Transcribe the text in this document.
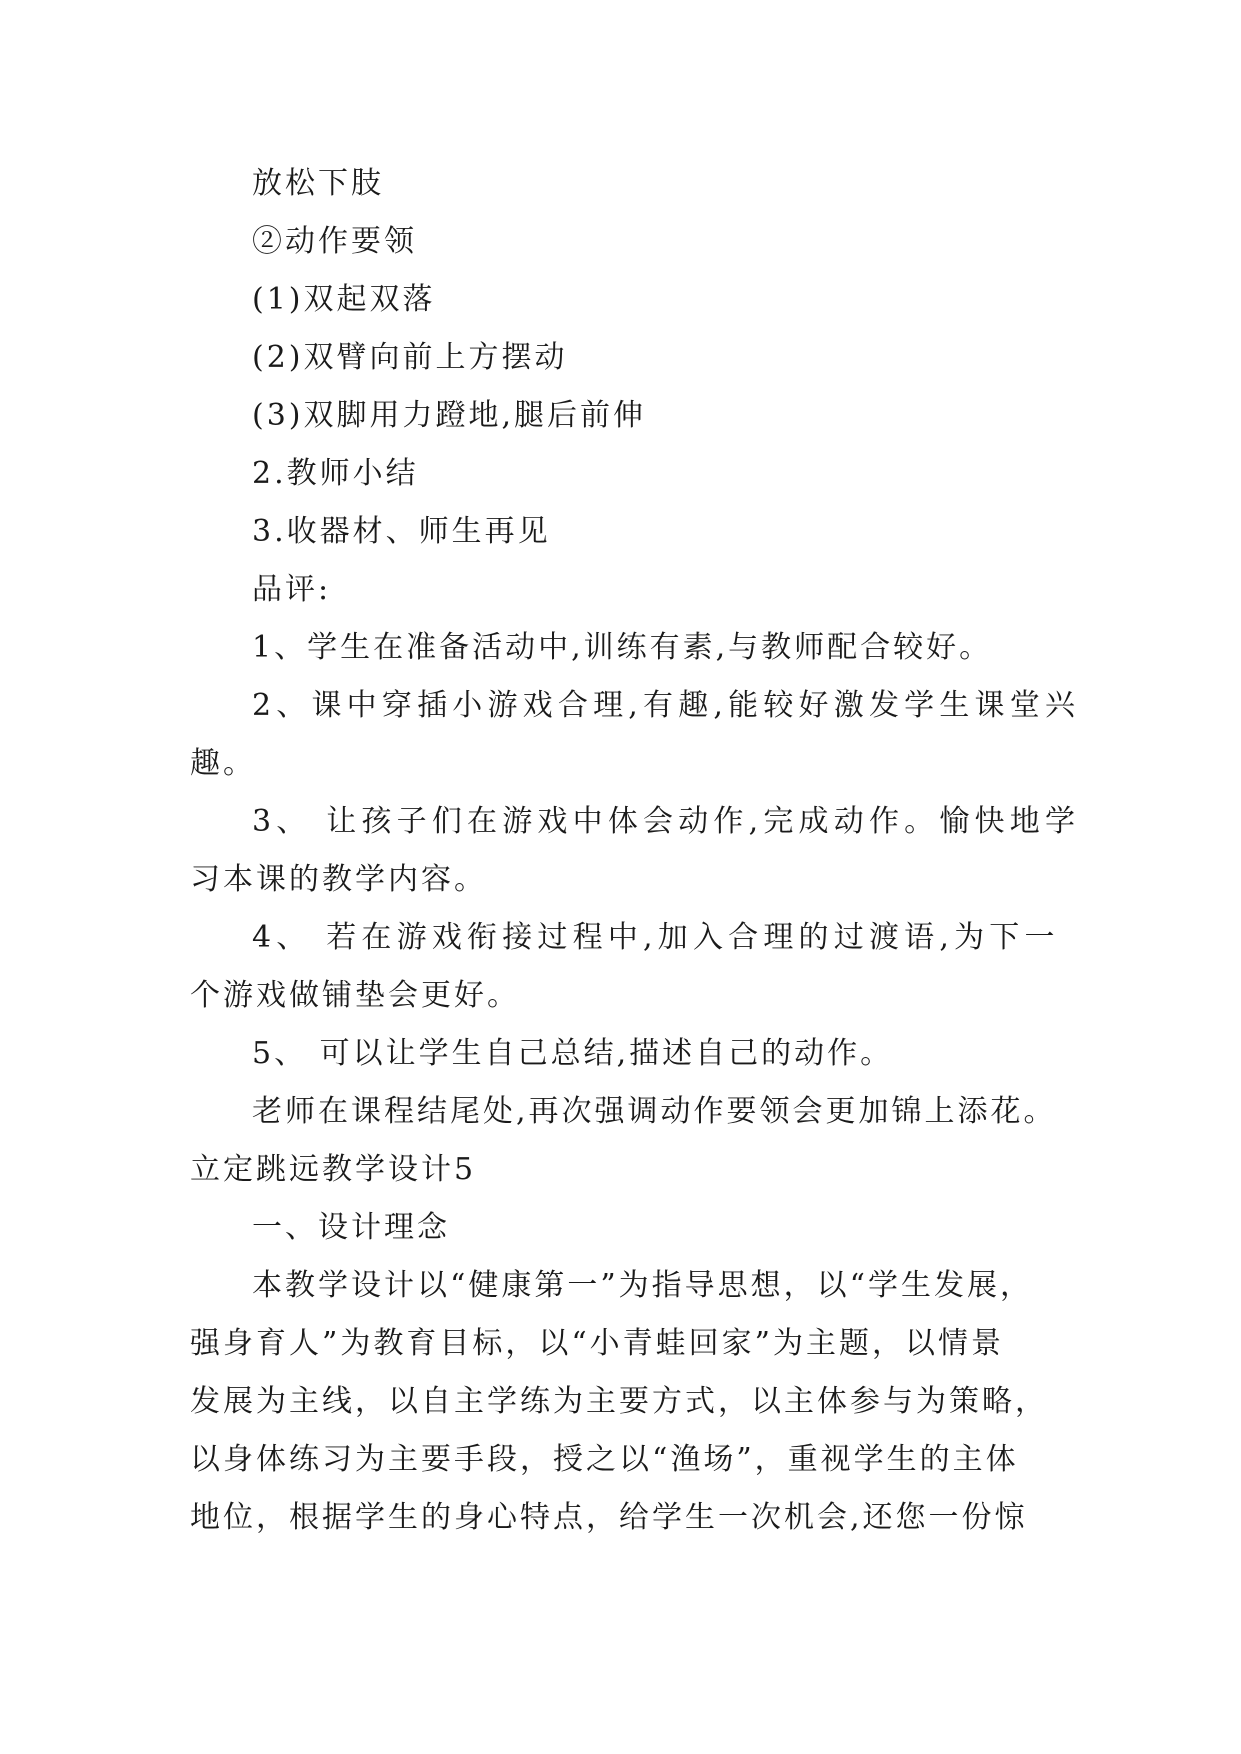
放松下肢
②动作要领
(1)双起双落
(2)双臂向前上方摆动
(3)双脚用力蹬地,腿后前伸
2.教师小结
3.收器材、师生再见
品评:
1、学生在准备活动中,训练有素,与教师配合较好。
2、课中穿插小游戏合理,有趣,能较好激发学生课堂兴
趣。
3、 让孩子们在游戏中体会动作,完成动作。愉快地学
习本课的教学内容。
4、 若在游戏衔接过程中,加入合理的过渡语,为下一
个游戏做铺垫会更好。
5、 可以让学生自己总结,描述自己的动作。
老师在课程结尾处,再次强调动作要领会更加锦上添花。
立定跳远教学设计5
一、设计理念
本教学设计以“健康第一”为指导思想，以“学生发展，
强身育人”为教育目标，以“小青蛙回家”为主题，以情景
发展为主线，以自主学练为主要方式，以主体参与为策略，
以身体练习为主要手段，授之以“渔场”，重视学生的主体
地位，根据学生的身心特点，给学生一次机会,还您一份惊
